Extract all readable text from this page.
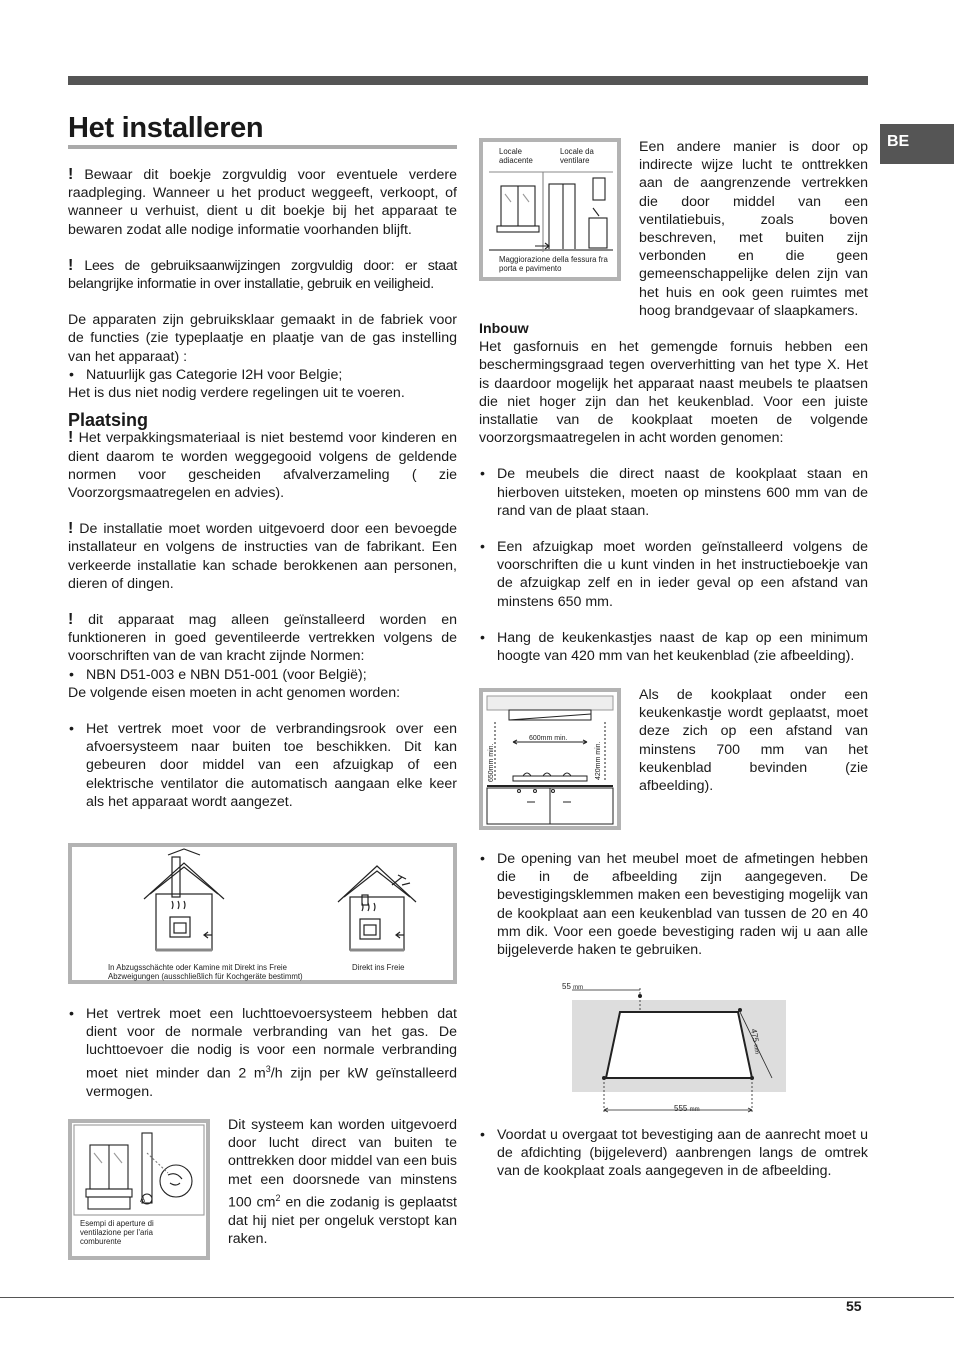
BE
Het installeren

! Bewaar dit boekje zorgvuldig voor eventuele verdere raadpleging. Wanneer u het product weggeeft, verkoopt, of wanneer u verhuist, dient u dit boekje bij het apparaat te bewaren zodat alle nodige informatie voorhanden blijft.

! Lees de gebruiksaanwijzingen zorgvuldig door: er staat belangrijke informatie in over installatie, gebruik en veiligheid.

De apparaten zijn gebruiksklaar gemaakt in de fabriek voor de functies (zie typeplaatje en plaatje van de gas instelling van het apparaat) :

• Natuurlijk gas Categorie I2H voor Belgie;

Het is dus niet nodig verdere regelingen uit te voeren.

Plaatsing

! Het verpakkingsmateriaal is niet bestemd voor kinderen en dient daarom te worden weggegooid volgens de geldende normen voor gescheiden afvalverzameling ( zie Voorzorgsmaatregelen en advies).

! De installatie moet worden uitgevoerd door een bevoegde installateur en volgens de instructies van de fabrikant. Een verkeerde installatie kan schade berokkenen aan personen, dieren of dingen.

! dit apparaat mag alleen geïnstalleerd worden en funktioneren in goed geventileerde vertrekken volgens de voorschriften van de van kracht zijnde Normen:

• NBN D51-003 e NBN D51-001 (voor België);

De volgende eisen moeten in acht genomen worden:

• Het vertrek moet voor de verbrandingsrook over een afvoersysteem naar buiten toe beschikken. Dit kan gebeuren door middel van een afzuigkap of een elektrische ventilator die automatisch aangaan elke keer als het apparaat wordt aangezet.

In Abzugsschächte oder Kamine mit Direkt ins Freie Abzweigungen (ausschließlich für Kochgeräte bestimmt)
Direkt ins Freie

• Het vertrek moet een luchttoevoersysteem hebben dat dient voor de normale verbranding van het gas. De luchttoevoer die nodig is voor een normale verbranding moet niet minder dan 2 $m^3/h$ zijn per kW geïnstalleerd vermogen.

A
Esempi di aperture di ventilazione per l'aria comburente
Dit systeem kan worden uitgevoerd door lucht direct van buiten te onttrekken door middel van een buis met een doorsnede van minstens 100 $cm^2$ en die zodanig is geplaatst dat hij niet per ongeluk verstopt kan raken.
Locale adiacente
Locale da ventilare
Maggiorazione della fessura fra porta e pavimento
Een andere manier is door op indirecte wijze lucht te onttrekken aan de aangrenzende vertrekken die door middel van een ventilatiebuis, zoals boven beschreven, met buiten zijn verbonden en die geen gemeenschappelijke delen zijn van het huis en ook geen ruimtes met hoog brandgevaar of slaapkamers.

Inbouw

Het gasfornuis en het gemengde fornuis hebben een beschermingsgraad tegen oververhitting van het type X. Het is daardoor mogelijk het apparaat naast meubels te plaatsen die niet hoger zijn dan het keukenblad. Voor een juiste installatie van de kookplaat moeten de volgende voorzorgsmaatregelen in acht worden genomen:

• De meubels die direct naast de kookplaat staan en hierboven uitsteken, moeten op minstens 600 mm van de rand van de plaat staan.

• Een afzuigkap moet worden geïnstalleerd volgens de voorschriften die u kunt vinden in het instructieboekje van de afzuigkap zelf en in ieder geval op een afstand van minstens 650 mm.

• Hang de keukenkastjes naast de kap op een minimum hoogte van 420 mm van het keukenblad (zie afbeelding).

650mm min.
600mm min.
420mm min.
Als de kookplaat onder een keukenkastje wordt geplaatst, moet deze zich op een afstand van minstens 700 mm van het keukenblad bevinden (zie afbeelding).

• De opening van het meubel moet de afmetingen hebben die in de afbeelding zijn aangegeven. De bevestigingsklemmen maken een bevestiging mogelijk van de kookplaat aan een keukenblad van tussen de 20 en 40 mm dik. Voor een goede bevestiging raden wij u aan alle bijgeleverde haken te gebruiken.

55 mm
555 mm
475 mm

• Voordat u overgaat tot bevestiging aan de aanrecht moet u de afdichting (bijgeleverd) aanbrengen langs de omtrek van de kookplaat zoals aangegeven in de afbeelding.

55
